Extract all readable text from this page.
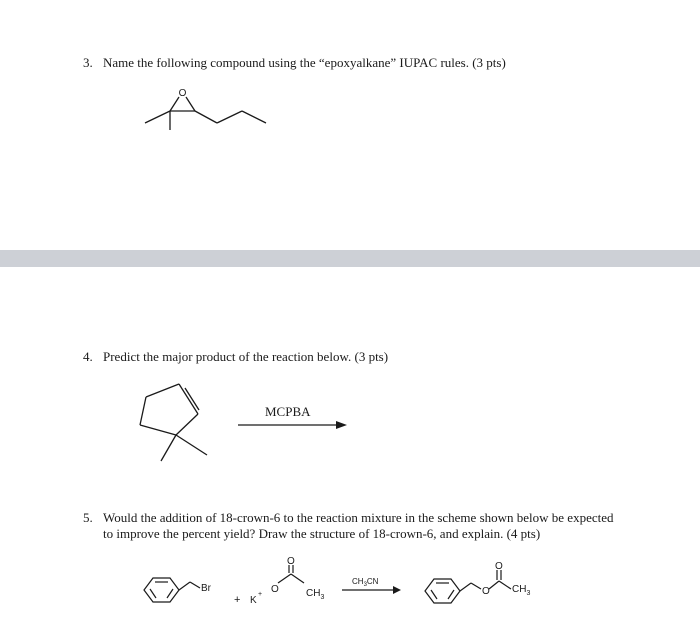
3. Name the following compound using the “epoxyalkane” IUPAC rules. (3 pts)
O
4. Predict the major product of the reaction below. (3 pts)
MCPBA
5. Would the addition of 18-crown-6 to the reaction mixture in the scheme shown below be expected to improve the percent yield? Draw the structure of 18-crown-6, and explain. (4 pts)
Br
+ K
+ O
O
$CH_3$
$CH_3CN$
O
O
$CH_3$
